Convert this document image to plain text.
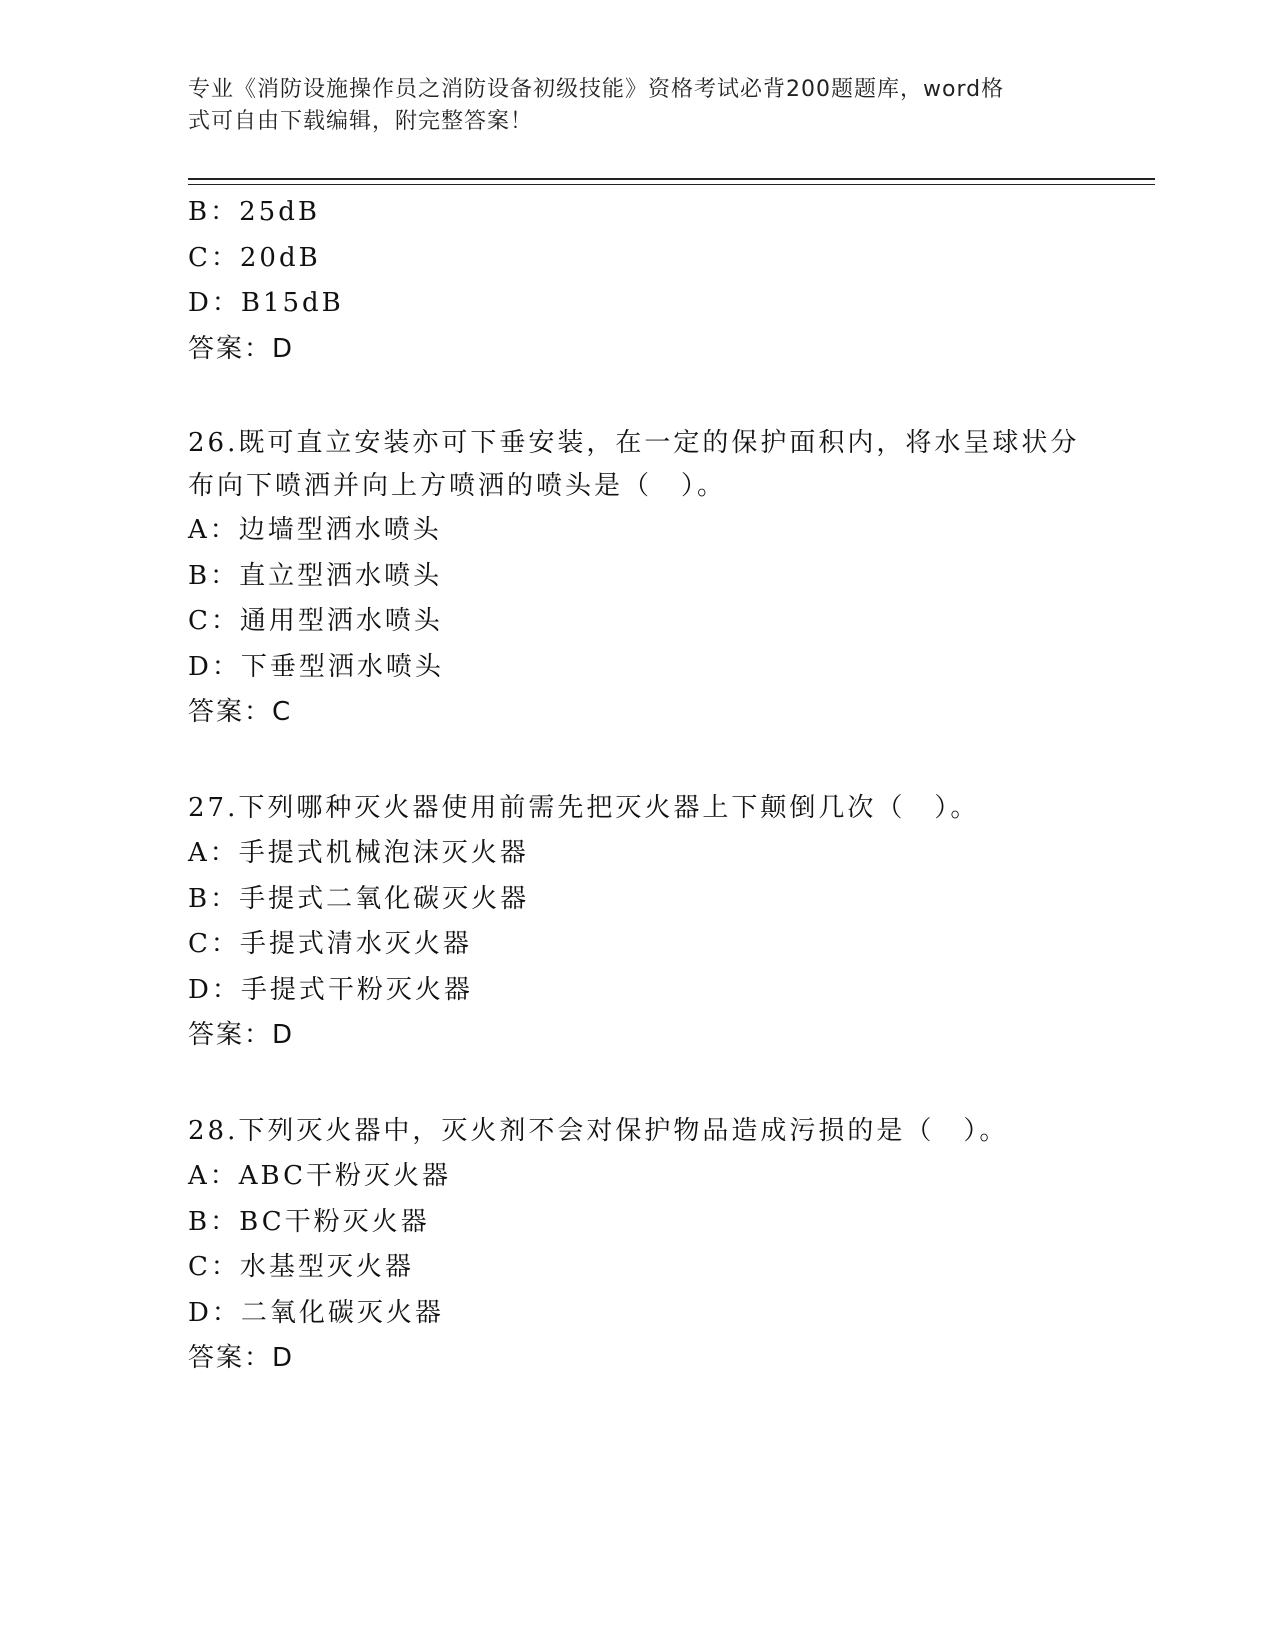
专业《消防设施操作员之消防设备初级技能》资格考试必背200题题库，word格
式可自由下载编辑，附完整答案！
B：25dB
C：20dB
D：B15dB
答案：D
26.既可直立安装亦可下垂安装，在一定的保护面积内，将水呈球状分
布向下喷洒并向上方喷洒的喷头是（　）。
A：边墙型洒水喷头
B：直立型洒水喷头
C：通用型洒水喷头
D：下垂型洒水喷头
答案：C
27.下列哪种灭火器使用前需先把灭火器上下颠倒几次（　）。
A：手提式机械泡沫灭火器
B：手提式二氧化碳灭火器
C：手提式清水灭火器
D：手提式干粉灭火器
答案：D
28.下列灭火器中，灭火剂不会对保护物品造成污损的是（　）。
A：ABC干粉灭火器
B：BC干粉灭火器
C：水基型灭火器
D：二氧化碳灭火器
答案：D
